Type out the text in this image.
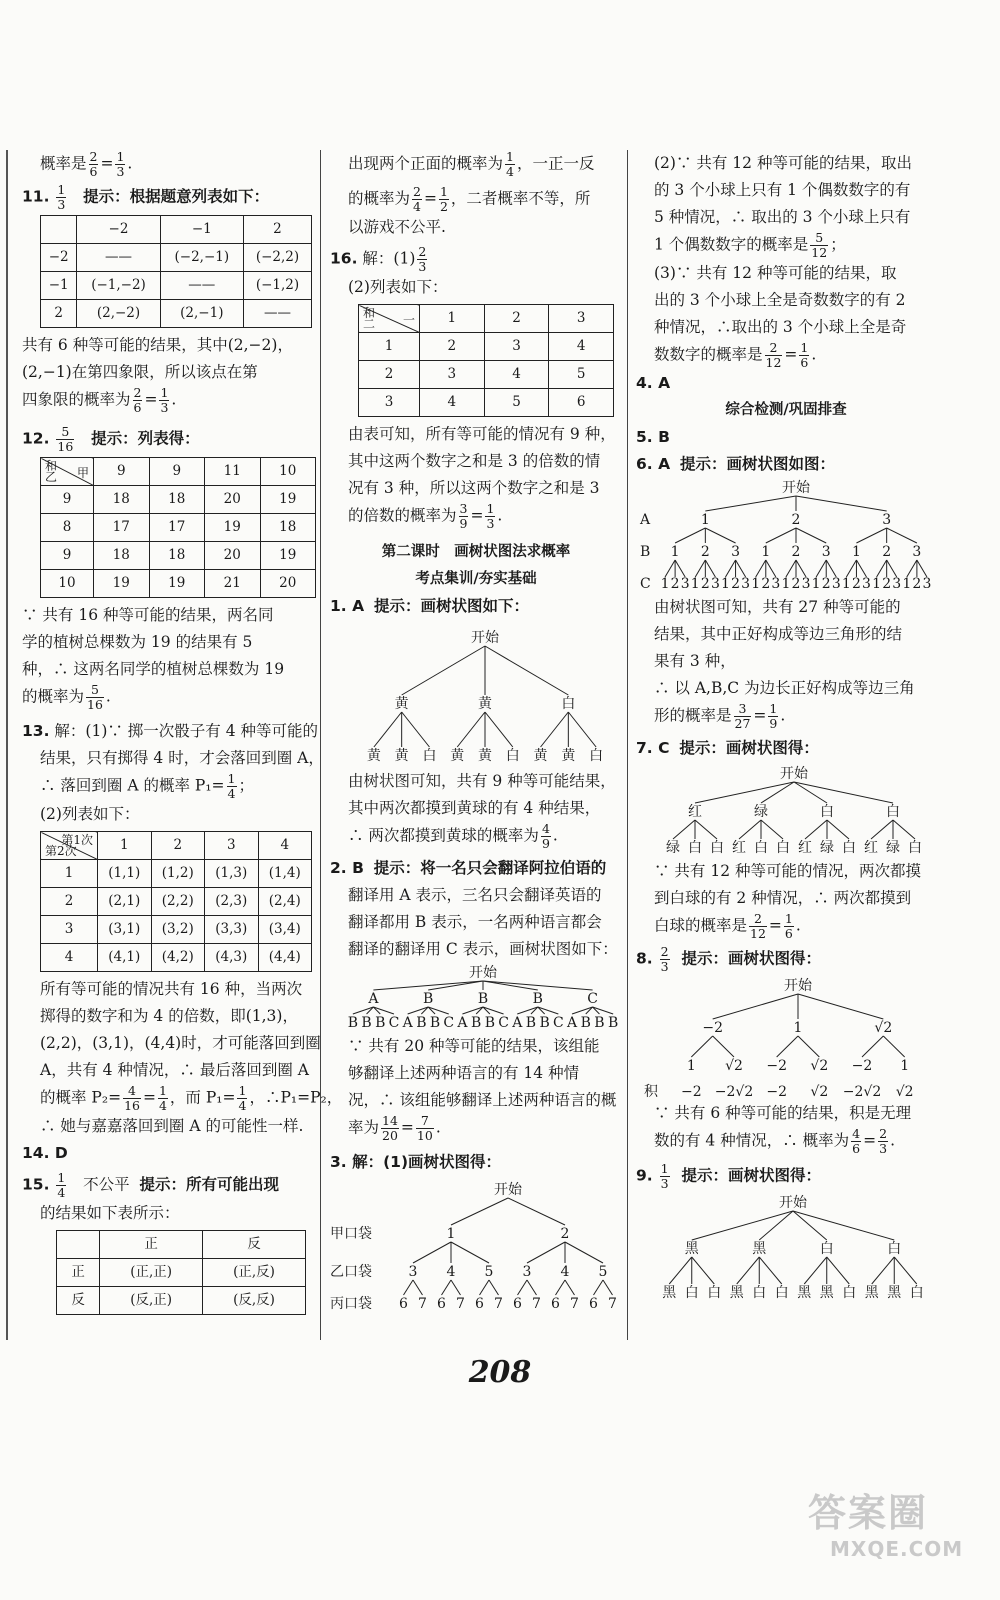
概率是 $\frac{2}{6} = \frac{1}{3}$ .
11. $\frac{1}{3}$ 提示：根据题意列表如下：
	−2	−1	2
−2	——	(−2,−1)	(−2,2)
−1	(−1,−2)	——	(−1,2)
2	(2,−2)	(2,−1)	——
共有 6 种等可能的结果，其中(2,−2)，
(2,−1)在第四象限，所以该点在第
四象限的概率为 $\frac{2}{6} = \frac{1}{3}$ .
12. $\frac{5}{16}$ 提示：列表得：
和 甲
乙	9	9	11	10
9	18	18	20	19
8	17	17	19	18
9	18	18	20	19
10	19	19	21	20
∵ 共有 16 种等可能的结果，两名同
学的植树总棵数为 19 的结果有 5
种，∴ 这两名同学的植树总棵数为 19
的概率为 $\frac{5}{16}$ .
13. 解：(1)∵ 掷一次骰子有 4 种等可能的
结果，只有掷得 4 时，才会落回到圈 A，
∴ 落回到圈 A 的概率 $P_1= \frac{1}{4}$ ；
(2)列表如下：
第1次
第2次	1	2	3	4
1	(1,1)	(1,2)	(1,3)	(1,4)
2	(2,1)	(2,2)	(2,3)	(2,4)
3	(3,1)	(3,2)	(3,3)	(3,4)
4	(4,1)	(4,2)	(4,3)	(4,4)
所有等可能的情况共有 16 种，当两次
掷得的数字和为 4 的倍数，即(1,3)，
(2,2)，(3,1)，(4,4)时，才可能落回到圈
A，共有 4 种情况，∴ 最后落回到圈 A
的概率 $P_2= \frac{4}{16} = \frac{1}{4}$ ，而 $P_1= \frac{1}{4}$ ，∴P₁=P₂，
∴ 她与嘉嘉落回到圈 A 的可能性一样.
14. D
15. $\frac{1}{4}$ 不公平 提示：所有可能出现
的结果如下表所示：
	正	反
正	(正,正)	(正,反)
反	(反,正)	(反,反)
出现两个正面的概率为 $\frac{1}{4}$ ，一正一反
的概率为 $\frac{2}{4} = \frac{1}{2}$ ，二者概率不等，所
以游戏不公平.
16. 解：$(1) \frac{2}{3}$
(2)列表如下：
和 一
二	1	2	3
1	2	3	4
2	3	4	5
3	4	5	6
由表可知，所有等可能的情况有 9 种，
其中这两个数字之和是 3 的倍数的情
况有 3 种，所以这两个数字之和是 3
的倍数的概率为 $\frac{3}{9} = \frac{1}{3}$ .
第二课时　画树状图法求概率
考点集训/夯实基础
1. A 提示：画树状图如下：
开始
黄	黄	白
黄 黄 白 黄 黄 白 黄 黄 白
由树状图可知，共有 9 种等可能结果，
其中两次都摸到黄球的有 4 种结果，
∴ 两次都摸到黄球的概率为 $\frac{4}{9}$ .
2. B 提示：将一名只会翻译阿拉伯语的
翻译用 A 表示，三名只会翻译英语的
翻译都用 B 表示，一名两种语言都会
翻译的翻译用 C 表示，画树状图如下：
开始
A	B	B	B	C
B B B C A B B C A B B C A B B C A B B B
∵ 共有 20 种等可能的结果，该组能
够翻译上述两种语言的有 14 种情
况，∴ 该组能够翻译上述两种语言的概
率为 $\frac{14}{20} = \frac{7}{10}$ .
3. 解：(1)画树状图得：
开始
1	2
3 4 5 3 4 5
6 7 6 7 6 7 6 7 6 7 6 7
甲口袋
乙口袋
丙口袋
(2)∵ 共有 12 种等可能的结果，取出
的 3 个小球上只有 1 个偶数数字的有
5 种情况，∴ 取出的 3 个小球上只有
1 个偶数数字的概率是 $\frac{5}{12}$ ；
(3)∵ 共有 12 种等可能的结果，取
出的 3 个小球上全是奇数数字的有 2
种情况，∴取出的 3 个小球上全是奇
数数字的概率是 $\frac{2}{12} = \frac{1}{6}$ .
4. A
综合检测/巩固排查
5. B
6. A 提示：画树状图如图：
开始
1	2	3
1 2 3 1 2 3 1 2 3
A
B
C 1 2 3 1 2 3 1 2 3 1 2 3 1 2 3 1 2 3 1 2 3 1 2 3 1 2 3
由树状图可知，共有 27 种等可能的
结果，其中正好构成等边三角形的结
果有 3 种，
∴ 以 A,B,C 为边长正好构成等边三角
形的概率是 $\frac{3}{27} = \frac{1}{9}$ .
7. C 提示：画树状图得：
开始
红	绿	白	白
绿 白 白 红 白 白 红 绿 白 红 绿 白
∵ 共有 12 种等可能的情况，两次都摸
到白球的有 2 种情况，∴ 两次都摸到
白球的概率是 $\frac{2}{12} = \frac{1}{6}$ .
8. $\frac{2}{3}$ 提示：画树状图得：
开始
−2	1	√2
1 √2 −2 √2 −2 1
积 −2 −2√2 −2 √2 −2√2 √2
∵ 共有 6 种等可能的结果，积是无理
数的有 4 种情况，∴ 概率为 $\frac{4}{6} = \frac{2}{3}$ .
9. $\frac{1}{3}$ 提示：画树状图得：
开始
黑	黑	白	白
黑 白 白 黑 白 白 黑 黑 白 黑 黑 白
208
答案圈
MXQE.COM
